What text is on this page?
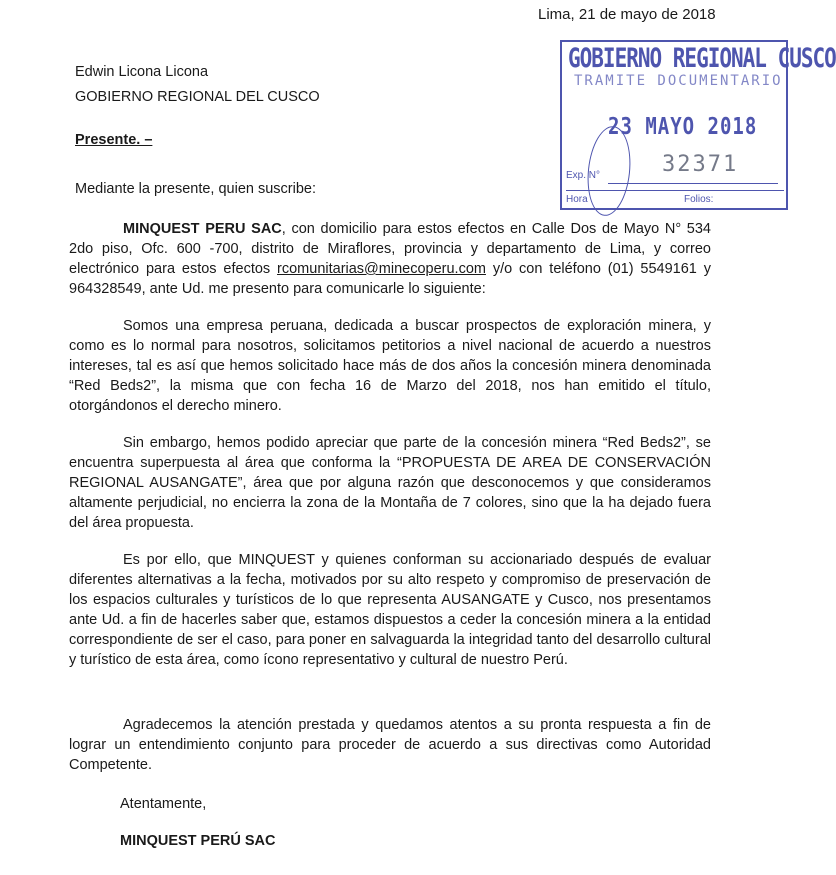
Lima, 21 de mayo de 2018
Edwin Licona Licona
GOBIERNO REGIONAL DEL CUSCO
Presente. –
Mediante la presente, quien suscribe:
MINQUEST PERU SAC, con domicilio para estos efectos en Calle Dos de Mayo N° 534 2do piso, Ofc. 600 -700, distrito de Miraflores, provincia y departamento de Lima, y correo electrónico para estos efectos rcomunitarias@minecoperu.com y/o con teléfono (01) 5549161 y 964328549, ante Ud. me presento para comunicarle lo siguiente:
Somos una empresa peruana, dedicada a buscar prospectos de exploración minera, y como es lo normal para nosotros, solicitamos petitorios a nivel nacional de acuerdo a nuestros intereses, tal es así que hemos solicitado hace más de dos años la concesión minera denominada “Red Beds2”, la misma que con fecha 16 de Marzo del 2018, nos han emitido el título, otorgándonos el derecho minero.
Sin embargo, hemos podido apreciar que parte de la concesión minera “Red Beds2”, se encuentra superpuesta al área que conforma la “PROPUESTA DE AREA DE CONSERVACIÓN REGIONAL AUSANGATE”, área que por alguna razón que desconocemos y que consideramos altamente perjudicial, no encierra la zona de la Montaña de 7 colores, sino que la ha dejado fuera del área propuesta.
Es por ello, que MINQUEST y quienes conforman su accionariado después de evaluar diferentes alternativas a la fecha, motivados por su alto respeto y compromiso de preservación de los espacios culturales y turísticos de lo que representa AUSANGATE y Cusco, nos presentamos ante Ud. a fin de hacerles saber que, estamos dispuestos a ceder la concesión minera a la entidad correspondiente de ser el caso, para poner en salvaguarda la integridad tanto del desarrollo cultural y turístico de esta área, como ícono representativo y cultural de nuestro Perú.
Agradecemos la atención prestada y quedamos atentos a su pronta respuesta a fin de lograr un entendimiento conjunto para proceder de acuerdo a sus directivas como Autoridad Competente.
Atentamente,
MINQUEST PERÚ SAC
GOBIERNO REGIONAL CUSCO
TRAMITE DOCUMENTARIO
23 MAYO 2018
32371
Exp. N°
Hora	Folios:
